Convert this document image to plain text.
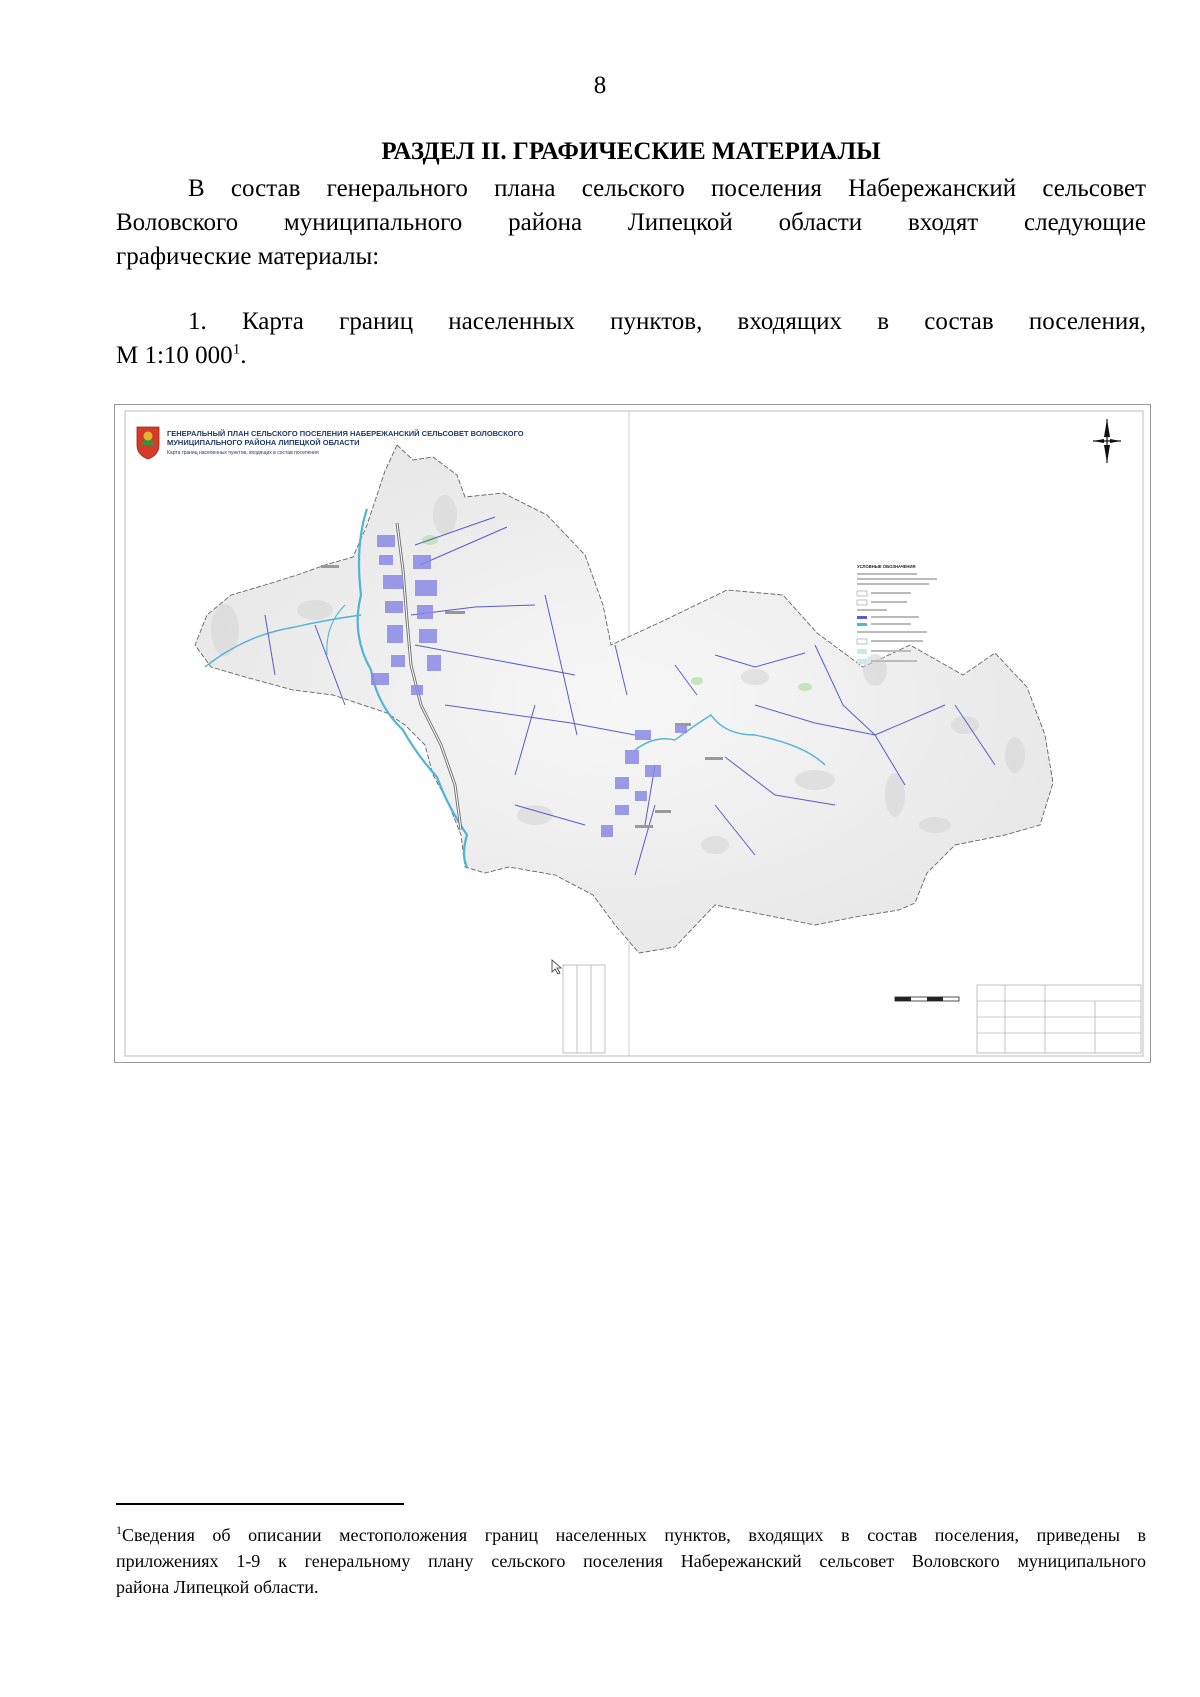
8
РАЗДЕЛ II. ГРАФИЧЕСКИЕ МАТЕРИАЛЫ
В состав генерального плана сельского поселения Набережанский сельсовет
Воловского муниципального района Липецкой области входят следующие
графические материалы:
1. Карта границ населенных пунктов, входящих в состав поселения,
М 1:10 $000^1$.
ГЕНЕРАЛЬНЫЙ ПЛАН СЕЛЬСКОГО ПОСЕЛЕНИЯ НАБЕРЕЖАНСКИЙ СЕЛЬСОВЕТ ВОЛОВСКОГО
МУНИЦИПАЛЬНОГО РАЙОНА ЛИПЕЦКОЙ ОБЛАСТИ
Карта границ населенных пунктов, входящих в состав поселения
УСЛОВНЫЕ ОБОЗНАЧЕНИЯ
$^1$Сведения об описании местоположения границ населенных пунктов, входящих в состав поселения, приведены в
приложениях 1-9 к генеральному плану сельского поселения Набережанский сельсовет Воловского муниципального
района Липецкой области.
